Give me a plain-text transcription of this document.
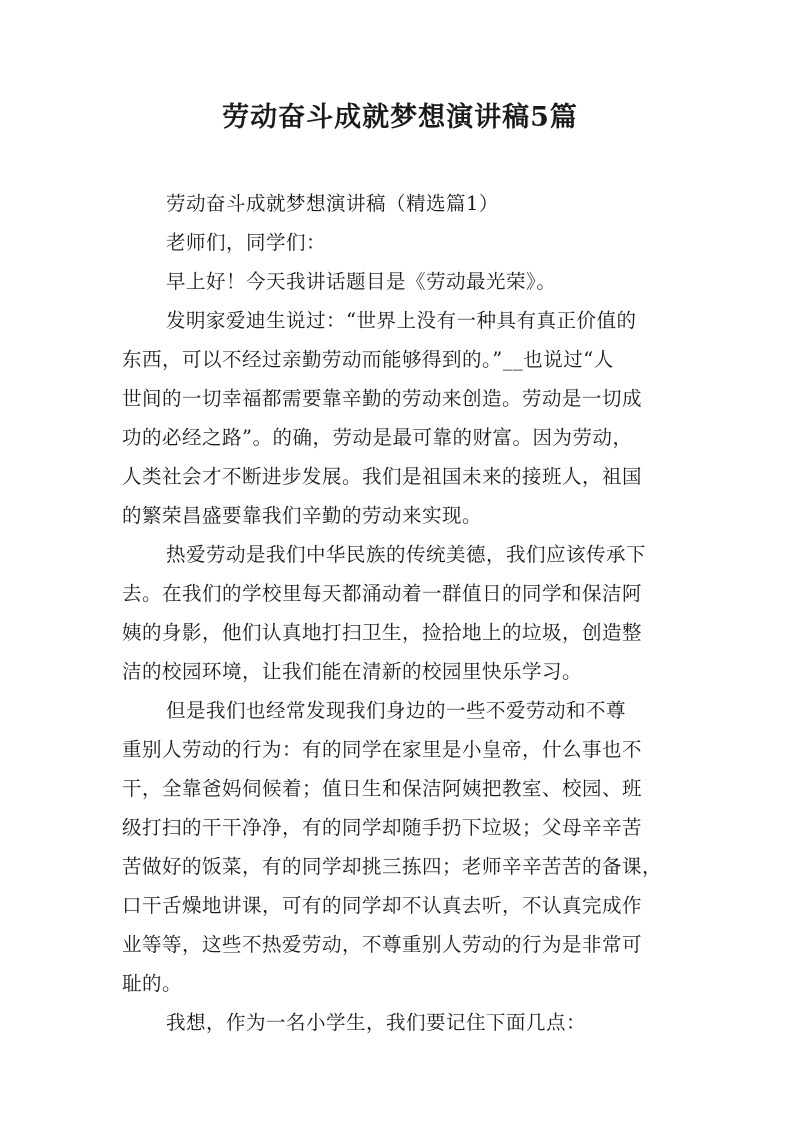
劳动奋斗成就梦想演讲稿5篇
劳动奋斗成就梦想演讲稿（精选篇1）
老师们，同学们：
早上好！今天我讲话题目是《劳动最光荣》。
发明家爱迪生说过：“世界上没有一种具有真正价值的
东西，可以不经过亲勤劳动而能够得到的。”__也说过“人
世间的一切幸福都需要靠辛勤的劳动来创造。劳动是一切成
功的必经之路”。的确，劳动是最可靠的财富。因为劳动，
人类社会才不断进步发展。我们是祖国未来的接班人，祖国
的繁荣昌盛要靠我们辛勤的劳动来实现。
热爱劳动是我们中华民族的传统美德，我们应该传承下
去。在我们的学校里每天都涌动着一群值日的同学和保洁阿
姨的身影，他们认真地打扫卫生，捡拾地上的垃圾，创造整
洁的校园环境，让我们能在清新的校园里快乐学习。
但是我们也经常发现我们身边的一些不爱劳动和不尊
重别人劳动的行为：有的同学在家里是小皇帝，什么事也不
干，全靠爸妈伺候着；值日生和保洁阿姨把教室、校园、班
级打扫的干干净净，有的同学却随手扔下垃圾；父母辛辛苦
苦做好的饭菜，有的同学却挑三拣四；老师辛辛苦苦的备课，
口干舌燥地讲课，可有的同学却不认真去听，不认真完成作
业等等，这些不热爱劳动，不尊重别人劳动的行为是非常可
耻的。
我想，作为一名小学生，我们要记住下面几点：
